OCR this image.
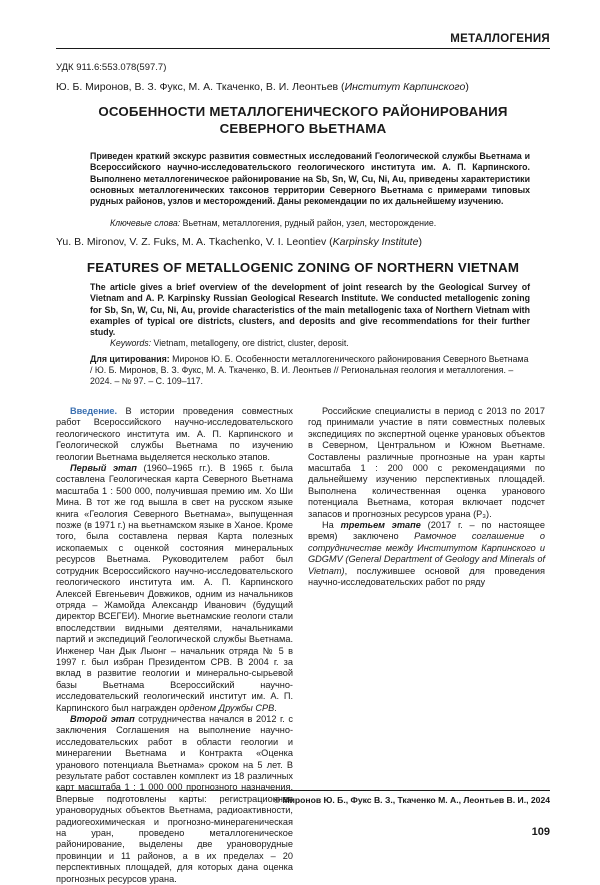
МЕТАЛЛОГЕНИЯ
УДК 911.6:553.078(597.7)
Ю. Б. Миронов, В. З. Фукс, М. А. Ткаченко, В. И. Леонтьев (Институт Карпинского)
ОСОБЕННОСТИ МЕТАЛЛОГЕНИЧЕСКОГО РАЙОНИРОВАНИЯ
СЕВЕРНОГО ВЬЕТНАМА
Приведен краткий экскурс развития совместных исследований Геологической службы Вьетнама и Всероссийского научно-исследовательского геологического института им. А. П. Карпинского. Выполнено металлогеническое районирование на Sb, Sn, W, Cu, Ni, Au, приведены характеристики основных металлогенических таксонов территории Северного Вьетнама с примерами типовых рудных районов, узлов и месторождений. Даны рекомендации по их дальнейшему изучению.
Ключевые слова: Вьетнам, металлогения, рудный район, узел, месторождение.
Yu. B. Mironov, V. Z. Fuks, M. A. Tkachenko, V. I. Leontiev (Karpinsky Institute)
FEATURES OF METALLOGENIC ZONING OF NORTHERN VIETNAM
The article gives a brief overview of the development of joint research by the Geological Survey of Vietnam and A. P. Karpinsky Russian Geological Research Institute. We conducted metallogenic zoning for Sb, Sn, W, Cu, Ni, Au, provide characteristics of the main metallogenic taxa of Northern Vietnam with examples of typical ore districts, clusters, and deposits and give recommendations for their further study.
Keywords: Vietnam, metallogeny, ore district, cluster, deposit.
Для цитирования: Миронов Ю. Б. Особенности металлогенического районирования Северного Вьетнама / Ю. Б. Миронов, В. З. Фукс, М. А. Ткаченко, В. И. Леонтьев // Региональная геология и металлогения. – 2024. – № 97. – С. 109–117.

Введение. В истории проведения совместных работ Всероссийского научно-исследовательского геологического института им. А. П. Карпинского и Геологической службы Вьетнама по изучению геологии Вьетнама выделяется несколько этапов.

Первый этап (1960–1965 гг.). В 1965 г. была составлена Геологическая карта Северного Вьетнама масштаба 1 : 500 000, получившая премию им. Хо Ши Мина. В тот же год вышла в свет на русском языке книга «Геология Северного Вьетнама», выпущенная позже (в 1971 г.) на вьетнамском языке в Ханое. Кроме того, была составлена первая Карта полезных ископаемых с оценкой состояния минеральных ресурсов Вьетнама. Руководителем работ был сотрудник Всероссийского научно-исследовательского геологического института им. А. П. Карпинского Алексей Евгеньевич Довжиков, одним из начальников отряда – Жамойда Александр Иванович (будущий директор ВСЕГЕИ). Многие вьетнамские геологи стали впоследствии видными деятелями, начальниками партий и экспедиций Геологической службы Вьетнама. Инженер Чан Дык Лыонг – начальник отряда № 5 в 1997 г. был избран Президентом СРВ. В 2004 г. за вклад в развитие геологии и минерально-сырьевой базы Вьетнама Всероссийский научно-исследовательский геологический институт им. А. П. Карпинского был награжден орденом Дружбы СРВ.

Второй этап сотрудничества начался в 2012 г. с заключения Соглашения на выполнение научно-исследовательских работ в области геологии и минерагении Вьетнама и Контракта «Оценка уранового потенциала Вьетнама» сроком на 5 лет. В результате работ составлен комплект из 18 различных карт масштаба 1 : 1 000 000 прогнозного назначения. Впервые подготовлены карты: регистрационная урановорудных объектов Вьетнама, радиоактивности, радиогеохимическая и прогнозно-минерагеническая на уран, проведено металлогеническое районирование, выделены две урановорудные провинции и 11 районов, а в их пределах – 20 перспективных площадей, для которых дана оценка прогнозных ресурсов урана.

Российские специалисты в период с 2013 по 2017 год принимали участие в пяти совместных полевых экспедициях по экспертной оценке урановых объектов в Северном, Центральном и Южном Вьетнаме. Составлены различные прогнозные на уран карты масштаба 1 : 200 000 с рекомендациями по дальнейшему изучению перспективных площадей. Выполнена количественная оценка уранового потенциала Вьетнама, которая включает подсчет запасов и прогнозных ресурсов урана (P₃).

На третьем этапе (2017 г. – по настоящее время) заключено Рамочное соглашение о сотрудничестве между Институтом Карпинского и GDGMV (General Department of Geology and Minerals of Vietnam), послужившее основой для проведения научно-исследовательских работ по ряду

© Миронов Ю. Б., Фукс В. З., Ткаченко М. А., Леонтьев В. И., 2024
109
